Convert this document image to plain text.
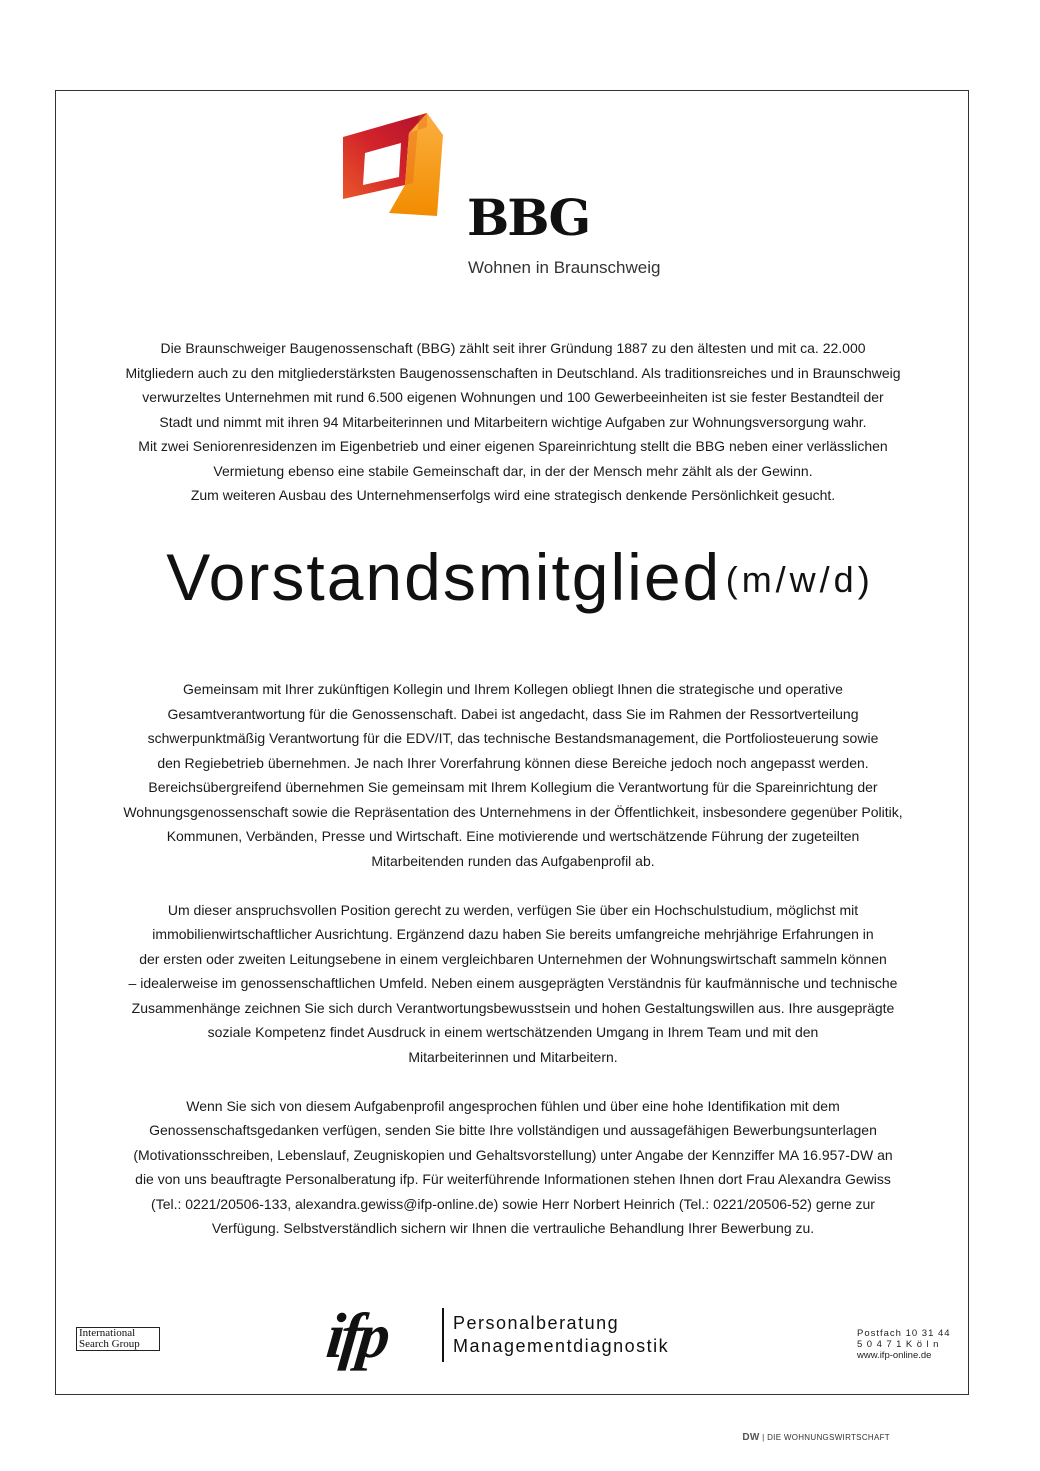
BBG
Wohnen in Braunschweig

Die Braunschweiger Baugenossenschaft (BBG) zählt seit ihrer Gründung 1887 zu den ältesten und mit ca. 22.000

Mitgliedern auch zu den mitgliederstärksten Baugenossenschaften in Deutschland. Als traditionsreiches und in Braunschweig

verwurzeltes Unternehmen mit rund 6.500 eigenen Wohnungen und 100 Gewerbeeinheiten ist sie fester Bestandteil der

Stadt und nimmt mit ihren 94 Mitarbeiterinnen und Mitarbeitern wichtige Aufgaben zur Wohnungsversorgung wahr.

Mit zwei Seniorenresidenzen im Eigenbetrieb und einer eigenen Spareinrichtung stellt die BBG neben einer verlässlichen

Vermietung ebenso eine stabile Gemeinschaft dar, in der der Mensch mehr zählt als der Gewinn.

Zum weiteren Ausbau des Unternehmenserfolgs wird eine strategisch denkende Persönlichkeit gesucht.

Vorstandsmitglied (m/w/d)

Gemeinsam mit Ihrer zukünftigen Kollegin und Ihrem Kollegen obliegt Ihnen die strategische und operative
Gesamtverantwortung für die Genossenschaft. Dabei ist angedacht, dass Sie im Rahmen der Ressortverteilung
schwerpunktmäßig Verantwortung für die EDV/IT, das technische Bestandsmanagement, die Portfoliosteuerung sowie
den Regiebetrieb übernehmen. Je nach Ihrer Vorerfahrung können diese Bereiche jedoch noch angepasst werden.
Bereichsübergreifend übernehmen Sie gemeinsam mit Ihrem Kollegium die Verantwortung für die Spareinrichtung der
Wohnungsgenossenschaft sowie die Repräsentation des Unternehmens in der Öffentlichkeit, insbesondere gegenüber Politik,
Kommunen, Verbänden, Presse und Wirtschaft. Eine motivierende und wertschätzende Führung der zugeteilten
Mitarbeitenden runden das Aufgabenprofil ab.

Um dieser anspruchsvollen Position gerecht zu werden, verfügen Sie über ein Hochschulstudium, möglichst mit
immobilienwirtschaftlicher Ausrichtung. Ergänzend dazu haben Sie bereits umfangreiche mehrjährige Erfahrungen in
der ersten oder zweiten Leitungsebene in einem vergleichbaren Unternehmen der Wohnungswirtschaft sammeln können
– idealerweise im genossenschaftlichen Umfeld. Neben einem ausgeprägten Verständnis für kaufmännische und technische
Zusammenhänge zeichnen Sie sich durch Verantwortungsbewusstsein und hohen Gestaltungswillen aus. Ihre ausgeprägte
soziale Kompetenz findet Ausdruck in einem wertschätzenden Umgang in Ihrem Team und mit den
Mitarbeiterinnen und Mitarbeitern.

Wenn Sie sich von diesem Aufgabenprofil angesprochen fühlen und über eine hohe Identifikation mit dem
Genossenschaftsgedanken verfügen, senden Sie bitte Ihre vollständigen und aussagefähigen Bewerbungsunterlagen
(Motivationsschreiben, Lebenslauf, Zeugniskopien und Gehaltsvorstellung) unter Angabe der Kennziffer MA 16.957-DW an
die von uns beauftragte Personalberatung ifp. Für weiterführende Informationen stehen Ihnen dort Frau Alexandra Gewiss
(Tel.: 0221/20506-133, alexandra.gewiss@ifp-online.de) sowie Herr Norbert Heinrich (Tel.: 0221/20506-52) gerne zur
Verfügung. Selbstverständlich sichern wir Ihnen die vertrauliche Behandlung Ihrer Bewerbung zu.

International
Search Group	ifp	Personalberatung
Managementdiagnostik
Postfach 10 31 44
50471Köln
www.ifp-online.de
DW | DIE WOHNUNGSWIRTSCHAFT
